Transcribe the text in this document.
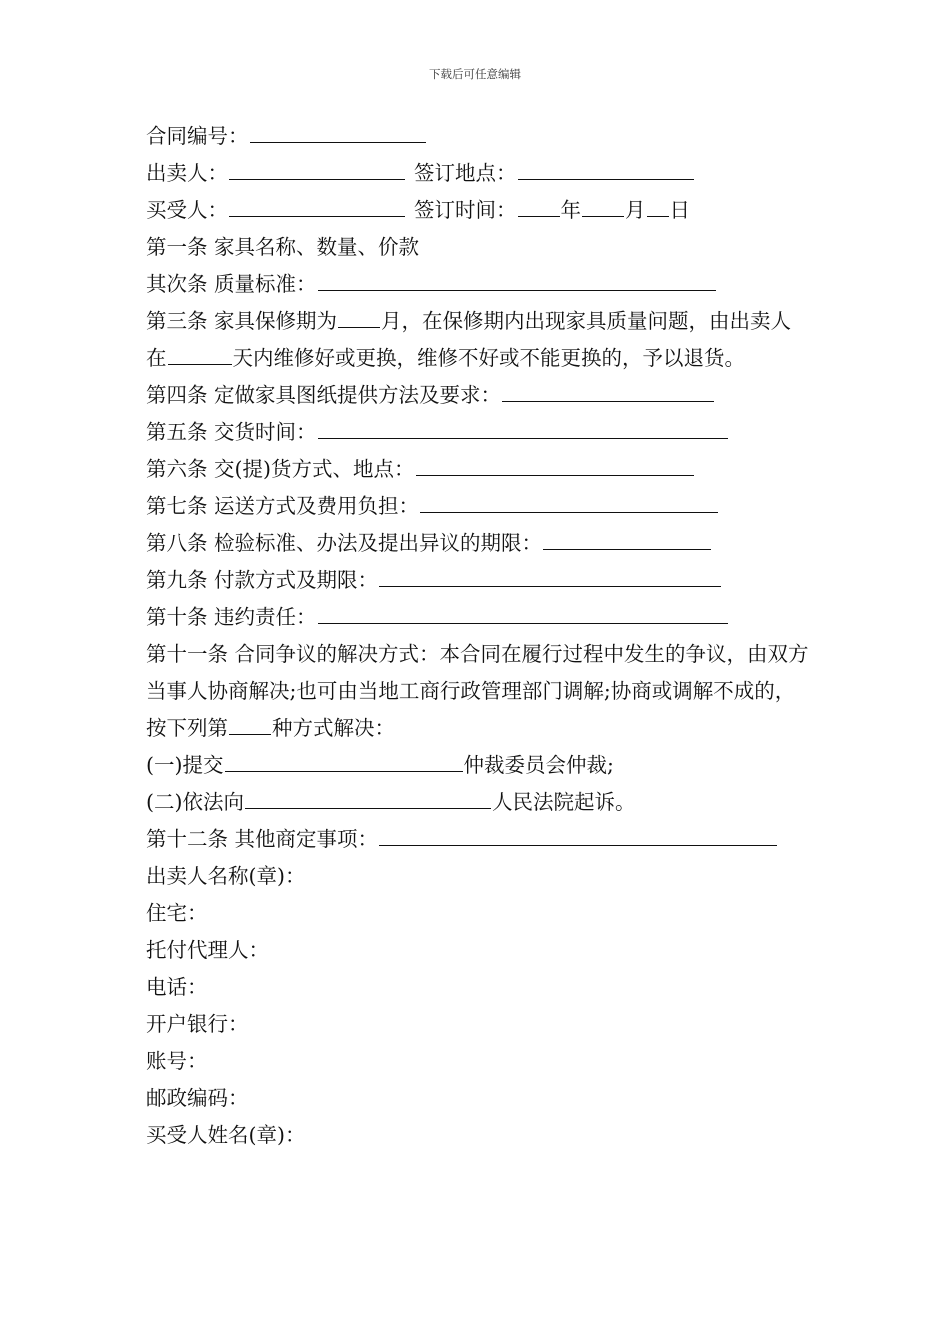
下载后可任意编辑
合同编号：
出卖人：	签订地点：
买受人：	签订时间： 年 月 日
第一条 家具名称、数量、价款
其次条 质量标准：
第三条 家具保修期为 月，在保修期内出现家具质量问题，由出卖人在	天内维修好或更换，维修不好或不能更换的，予以退货。
第四条 定做家具图纸提供方法及要求：
第五条 交货时间：
第六条 交(提)货方式、地点：
第七条 运送方式及费用负担：
第八条 检验标准、办法及提出异议的期限：
第九条 付款方式及期限：
第十条 违约责任：
第十一条 合同争议的解决方式：本合同在履行过程中发生的争议，由双方当事人协商解决;也可由当地工商行政管理部门调解;协商或调解不成的，按下列第 种方式解决：
(一)提交	仲裁委员会仲裁;
(二)依法向	人民法院起诉。
第十二条 其他商定事项：
出卖人名称(章)：
住宅：
托付代理人：
电话：
开户银行：
账号：
邮政编码：
买受人姓名(章)：
